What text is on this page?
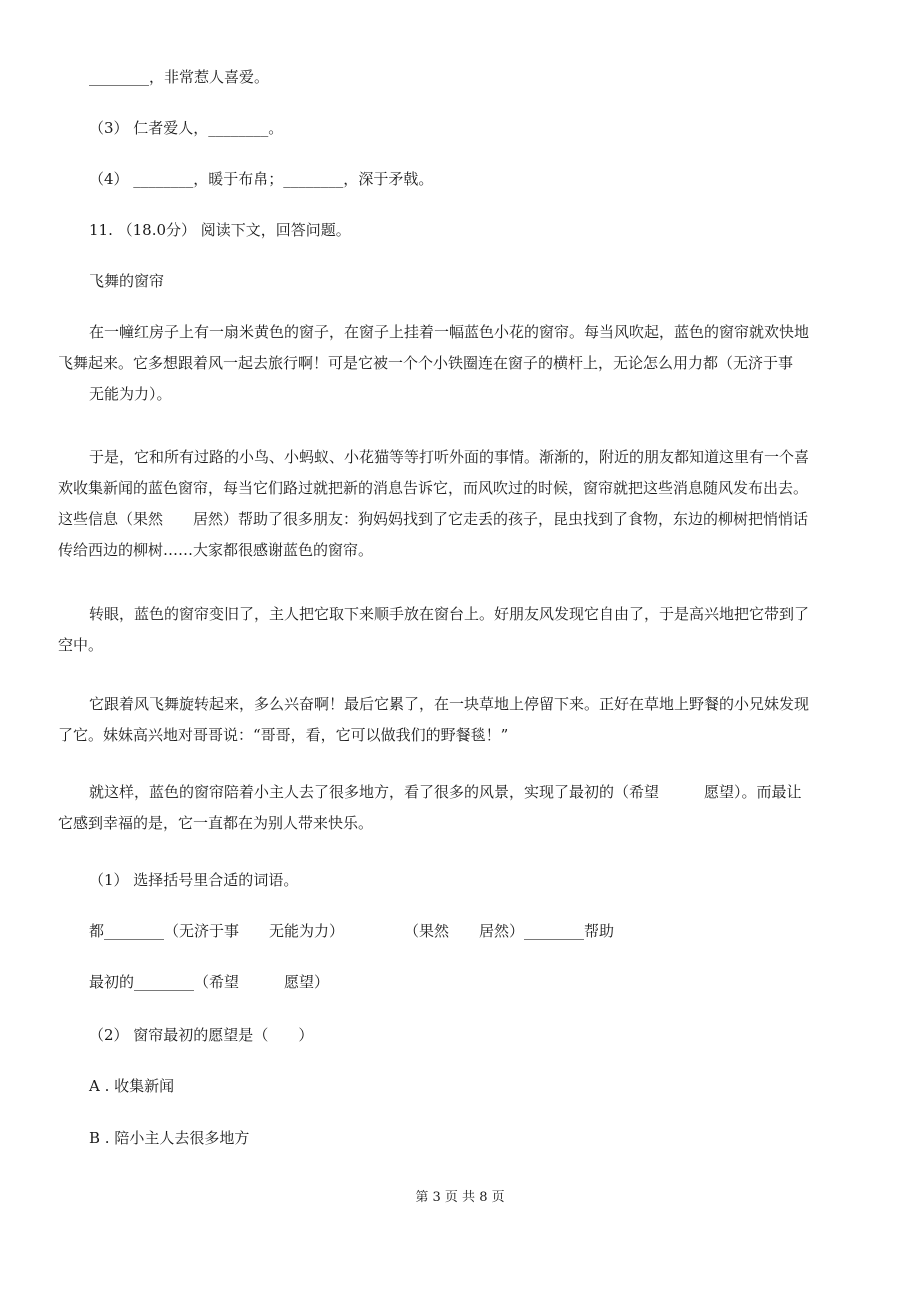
________，非常惹人喜爱。
（3） 仁者爱人，________。
（4） ________，暖于布帛；________，深于矛戟。
11. （18.0分） 阅读下文，回答问题。
飞舞的窗帘
在一幢红房子上有一扇米黄色的窗子，在窗子上挂着一幅蓝色小花的窗帘。每当风吹起，蓝色的窗帘就欢快地
飞舞起来。它多想跟着风一起去旅行啊！可是它被一个个小铁圈连在窗子的横杆上，无论怎么用力都（无济于事
无能为力）。
于是，它和所有过路的小鸟、小蚂蚁、小花猫等等打听外面的事情。渐渐的，附近的朋友都知道这里有一个喜
欢收集新闻的蓝色窗帘，每当它们路过就把新的消息告诉它，而风吹过的时候，窗帘就把这些消息随风发布出去。
这些信息（果然　　居然）帮助了很多朋友：狗妈妈找到了它走丢的孩子，昆虫找到了食物，东边的柳树把悄悄话
传给西边的柳树……大家都很感谢蓝色的窗帘。
转眼，蓝色的窗帘变旧了，主人把它取下来顺手放在窗台上。好朋友风发现它自由了，于是高兴地把它带到了
空中。
它跟着风飞舞旋转起来，多么兴奋啊！最后它累了，在一块草地上停留下来。正好在草地上野餐的小兄妹发现
了它。妹妹高兴地对哥哥说：“哥哥，看，它可以做我们的野餐毯！”
就这样，蓝色的窗帘陪着小主人去了很多地方，看了很多的风景，实现了最初的（希望　　　愿望）。而最让
它感到幸福的是，它一直都在为别人带来快乐。
（1） 选择括号里合适的词语。
都________（无济于事　　无能为力）　　　　　（果然　　居然）________帮助
最初的________（希望　　　愿望）
（2） 窗帘最初的愿望是（　　）
A . 收集新闻
B . 陪小主人去很多地方
第 3 页 共 8 页
